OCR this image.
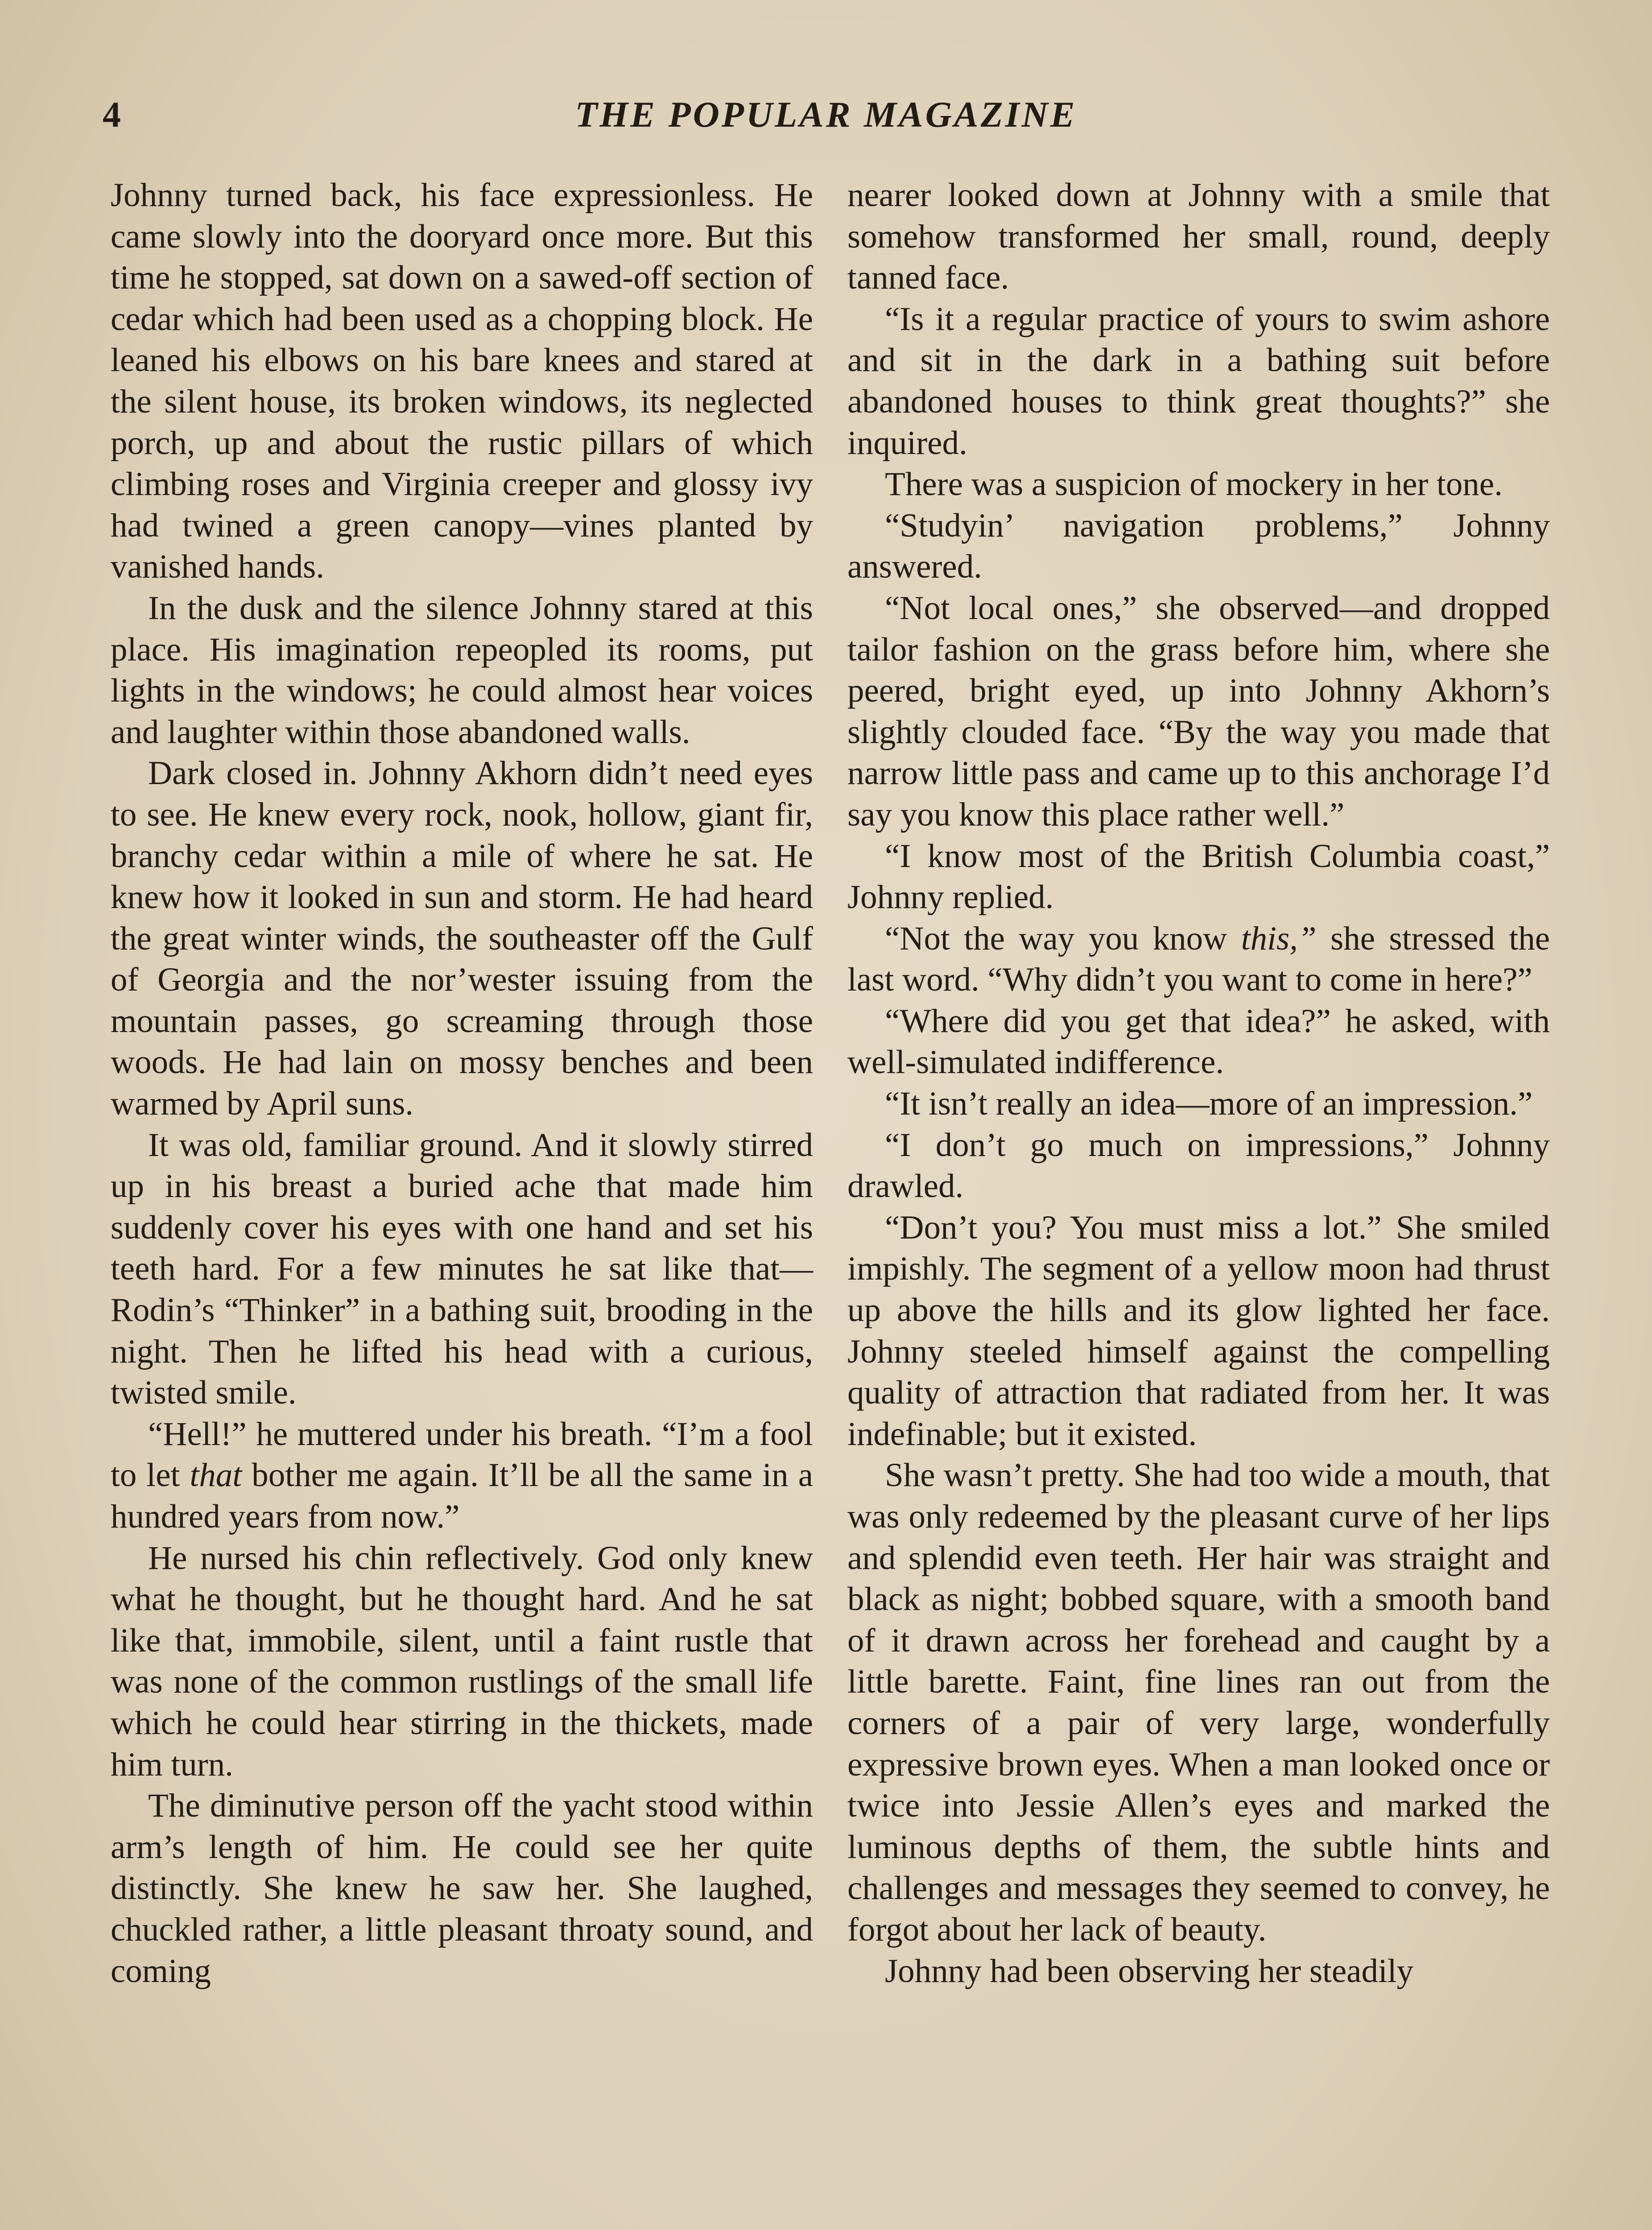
4	THE POPULAR MAGAZINE

Johnny turned back, his face expressionless. He came slowly into the dooryard once more. But this time he stopped, sat down on a sawed-off section of cedar which had been used as a chopping block. He leaned his elbows on his bare knees and stared at the silent house, its broken windows, its neglected porch, up and about the rustic pillars of which climbing roses and Virginia creeper and glossy ivy had twined a green canopy—vines planted by vanished hands.

In the dusk and the silence Johnny stared at this place. His imagination repeopled its rooms, put lights in the windows; he could almost hear voices and laughter within those abandoned walls.

Dark closed in. Johnny Akhorn didn’t need eyes to see. He knew every rock, nook, hollow, giant fir, branchy cedar within a mile of where he sat. He knew how it looked in sun and storm. He had heard the great winter winds, the southeaster off the Gulf of Georgia and the nor’wester issuing from the mountain passes, go screaming through those woods. He had lain on mossy benches and been warmed by April suns.

It was old, familiar ground. And it slowly stirred up in his breast a buried ache that made him suddenly cover his eyes with one hand and set his teeth hard. For a few minutes he sat like that—Rodin’s “Thinker” in a bathing suit, brooding in the night. Then he lifted his head with a curious, twisted smile.

“Hell!” he muttered under his breath. “I’m a fool to let that bother me again. It’ll be all the same in a hundred years from now.”

He nursed his chin reflectively. God only knew what he thought, but he thought hard. And he sat like that, immobile, silent, until a faint rustle that was none of the common rustlings of the small life which he could hear stirring in the thickets, made him turn.

The diminutive person off the yacht stood within arm’s length of him. He could see her quite distinctly. She knew he saw her. She laughed, chuckled rather, a little pleasant throaty sound, and coming

nearer looked down at Johnny with a smile that somehow transformed her small, round, deeply tanned face.

“Is it a regular practice of yours to swim ashore and sit in the dark in a bathing suit before abandoned houses to think great thoughts?” she inquired.

There was a suspicion of mockery in her tone.

“Studyin’ navigation problems,” Johnny answered.

“Not local ones,” she observed—and dropped tailor fashion on the grass before him, where she peered, bright eyed, up into Johnny Akhorn’s slightly clouded face. “By the way you made that narrow little pass and came up to this anchorage I’d say you know this place rather well.”

“I know most of the British Columbia coast,” Johnny replied.

“Not the way you know this,” she stressed the last word. “Why didn’t you want to come in here?”

“Where did you get that idea?” he asked, with well-simulated indifference.

“It isn’t really an idea—more of an impression.”

“I don’t go much on impressions,” Johnny drawled.

“Don’t you? You must miss a lot.” She smiled impishly. The segment of a yellow moon had thrust up above the hills and its glow lighted her face. Johnny steeled himself against the compelling quality of attraction that radiated from her. It was indefinable; but it existed.

She wasn’t pretty. She had too wide a mouth, that was only redeemed by the pleasant curve of her lips and splendid even teeth. Her hair was straight and black as night; bobbed square, with a smooth band of it drawn across her forehead and caught by a little barette. Faint, fine lines ran out from the corners of a pair of very large, wonderfully expressive brown eyes. When a man looked once or twice into Jessie Allen’s eyes and marked the luminous depths of them, the subtle hints and challenges and messages they seemed to convey, he forgot about her lack of beauty.

Johnny had been observing her steadily
